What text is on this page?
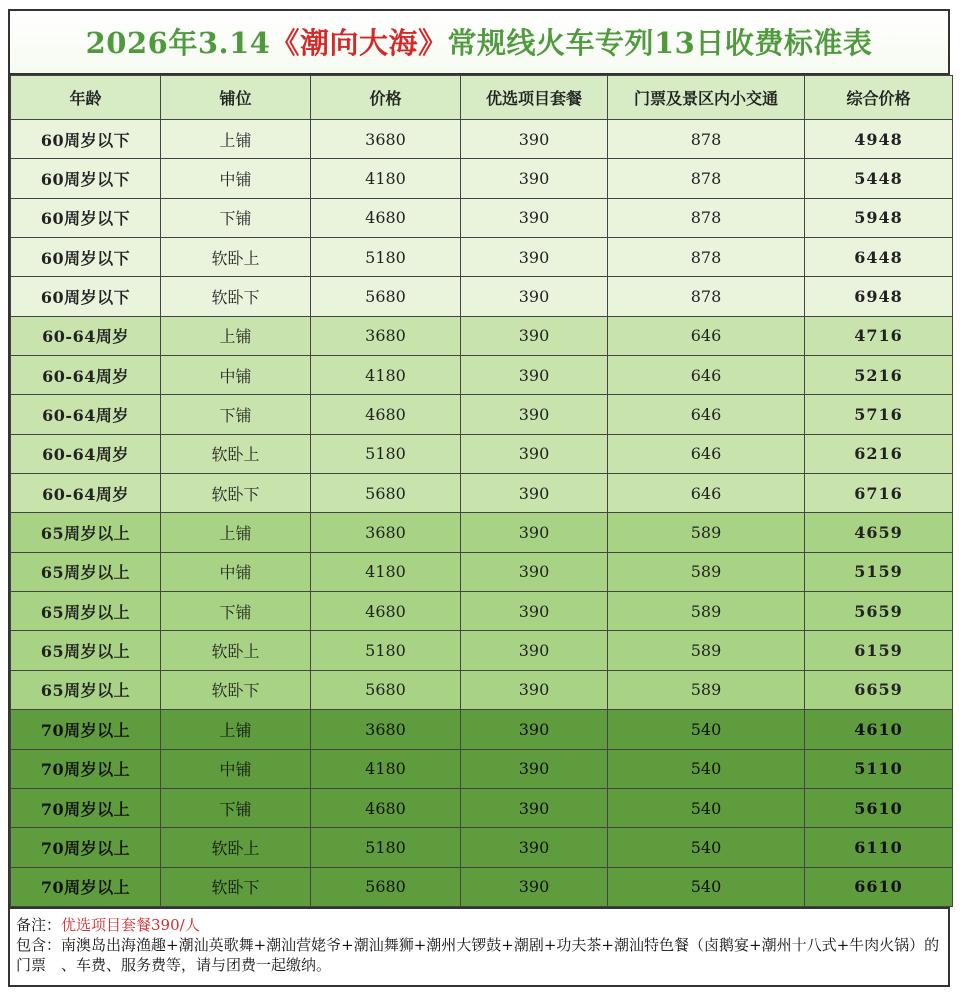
2026年3.14《潮向大海》常规线火车专列13日收费标准表
年龄	铺位	价格	优选项目套餐	门票及景区内小交通	综合价格
60周岁以下	上铺	3680	390	878	4948
60周岁以下	中铺	4180	390	878	5448
60周岁以下	下铺	4680	390	878	5948
60周岁以下	软卧上	5180	390	878	6448
60周岁以下	软卧下	5680	390	878	6948
60-64周岁	上铺	3680	390	646	4716
60-64周岁	中铺	4180	390	646	5216
60-64周岁	下铺	4680	390	646	5716
60-64周岁	软卧上	5180	390	646	6216
60-64周岁	软卧下	5680	390	646	6716
65周岁以上	上铺	3680	390	589	4659
65周岁以上	中铺	4180	390	589	5159
65周岁以上	下铺	4680	390	589	5659
65周岁以上	软卧上	5180	390	589	6159
65周岁以上	软卧下	5680	390	589	6659
70周岁以上	上铺	3680	390	540	4610
70周岁以上	中铺	4180	390	540	5110
70周岁以上	下铺	4680	390	540	5610
70周岁以上	软卧上	5180	390	540	6110
70周岁以上	软卧下	5680	390	540	6610
备注：优选项目套餐390/人
包含：南澳岛出海渔趣+潮汕英歌舞+潮汕营姥爷+潮汕舞狮+潮州大锣鼓+潮剧+功夫茶+潮汕特色餐（卤鹅宴+潮州十八式+牛肉火锅）的门票　、车费、服务费等，请与团费一起缴纳。
